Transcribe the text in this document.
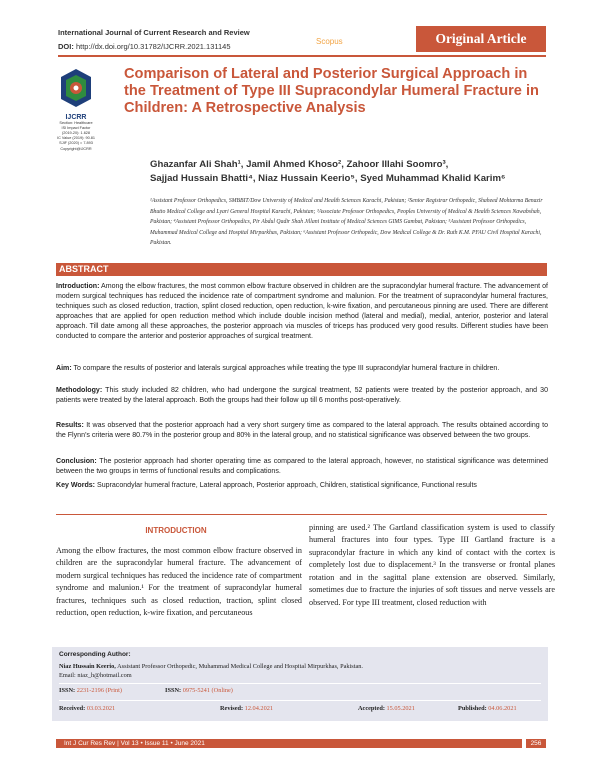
International Journal of Current Research and Review
DOI: http://dx.doi.org/10.31782/IJCRR.2021.131145
Scopus	Original Article
IJCRR
Section: Healthcare
ISI Impact Factor
(2019-20): 1.628
IC Value (2019): 90.81
SJIF (2020) = 7.893
Copyright@IJCRR
Comparison of Lateral and Posterior Surgical Approach in the Treatment of Type III Supracondylar Humeral Fracture in Children: A Retrospective Analysis
Ghazanfar Ali Shah¹, Jamil Ahmed Khoso², Zahoor Illahi Soomro³,
Sajjad Hussain Bhatti⁴, Niaz Hussain Keerio⁵, Syed Muhammad Khalid Karim⁶
¹Assistant Professor Orthopedics, SMBBIT/Dow University of Medical and Health Sciences Karachi, Pakistan; ²Senior Registrar Orthopedic, Shaheed Mohtarma Benazir Bhutto Medical College and Lyari General Hospital Karachi, Pakistan; ³Associate Professor Orthopedics, Peoples University of Medical & Health Sciences Nawabshah, Pakistan; ⁴Assistant Professor Orthopedics, Pir Abdul Qadir Shah Jillani Institute of Medical Sciences GIMS Gambat, Pakistan; ⁵Assistant Professor Orthopedics, Muhammad Medical College and Hospital Mirpurkhas, Pakistan; ⁶Assistant Professor Orthopedic, Dow Medical College & Dr. Ruth K.M. PFAU Civil Hospital Karachi, Pakistan.
ABSTRACT
Introduction: Among the elbow fractures, the most common elbow fracture observed in children are the supracondylar humeral fracture. The advancement of modern surgical techniques has reduced the incidence rate of compartment syndrome and malunion. For the treatment of supracondylar humeral fractures, techniques such as closed reduction, traction, splint closed reduction, open reduction, k-wire fixation, and percutaneous pinning are used. There are different approaches that are applied for open reduction method which include double incision method (lateral and medial), medial, anterior, posterior and lateral approach. Till date among all these approaches, the posterior approach via muscles of triceps has produced very good results. Different studies have been conducted to compare the anterior and posterior approaches of surgical treatment.
Aim: To compare the results of posterior and laterals surgical approaches while treating the type III supracondylar humeral fracture in children.
Methodology: This study included 82 children, who had undergone the surgical treatment, 52 patients were treated by the posterior approach, and 30 patients were treated by the lateral approach. Both the groups had their follow up till 6 months post-operatively.
Results: It was observed that the posterior approach had a very short surgery time as compared to the lateral approach. The results obtained according to the Flynn’s criteria were 80.7% in the posterior group and 80% in the lateral group, and no statistical significance was observed between the two groups.
Conclusion: The posterior approach had shorter operating time as compared to the lateral approach, however, no statistical significance was determined between the two groups in terms of functional results and complications.
Key Words: Supracondylar humeral fracture, Lateral approach, Posterior approach, Children, statistical significance, Functional results
INTRODUCTION
Among the elbow fractures, the most common elbow fracture observed in children are the supracondylar humeral fracture. The advancement of modern surgical techniques has reduced the incidence rate of compartment syndrome and malunion.¹ For the treatment of supracondylar humeral fractures, techniques such as closed reduction, traction, splint closed reduction, open reduction, k-wire fixation, and percutaneous
pinning are used.² The Gartland classification system is used to classify humeral fractures into four types. Type III Gartland fracture is a supracondylar fracture in which any kind of contact with the cortex is completely lost due to displacement.³ In the transverse or frontal planes rotation and in the sagittal plane extension are observed. Similarly, sometimes due to fracture the injuries of soft tissues and nerve vessels are observed. For type III treatment, closed reduction with
Corresponding Author:
Niaz Hussain Keerio, Assistant Professor Orthopedic, Muhammad Medical College and Hospital Mirpurkhas, Pakistan.
Email: niaz_h@hotmail.com
ISSN: 2231-2196 (Print)	ISSN: 0975-5241 (Online)
Received: 03.03.2021	Revised: 12.04.2021	Accepted: 15.05.2021	Published: 04.06.2021
Int J Cur Res Rev | Vol 13 • Issue 11 • June 2021	256
